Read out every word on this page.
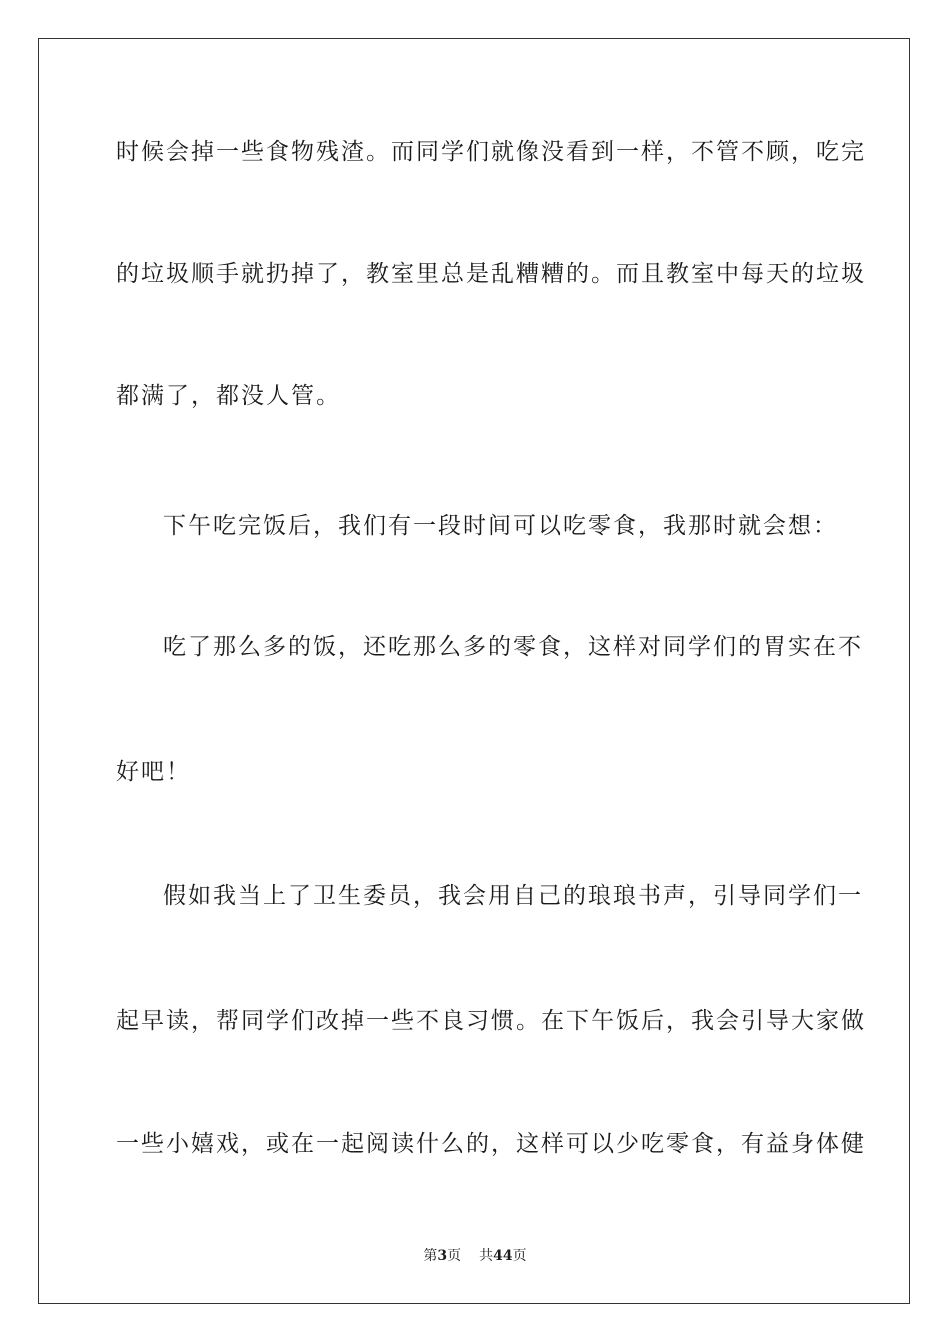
时候会掉一些食物残渣。而同学们就像没看到一样，不管不顾，吃完
的垃圾顺手就扔掉了，教室里总是乱糟糟的。而且教室中每天的垃圾
都满了，都没人管。
下午吃完饭后，我们有一段时间可以吃零食，我那时就会想：
吃了那么多的饭，还吃那么多的零食，这样对同学们的胃实在不
好吧！
假如我当上了卫生委员，我会用自己的琅琅书声，引导同学们一
起早读，帮同学们改掉一些不良习惯。在下午饭后，我会引导大家做
一些小嬉戏，或在一起阅读什么的，这样可以少吃零食，有益身体健
第3页 共44页
